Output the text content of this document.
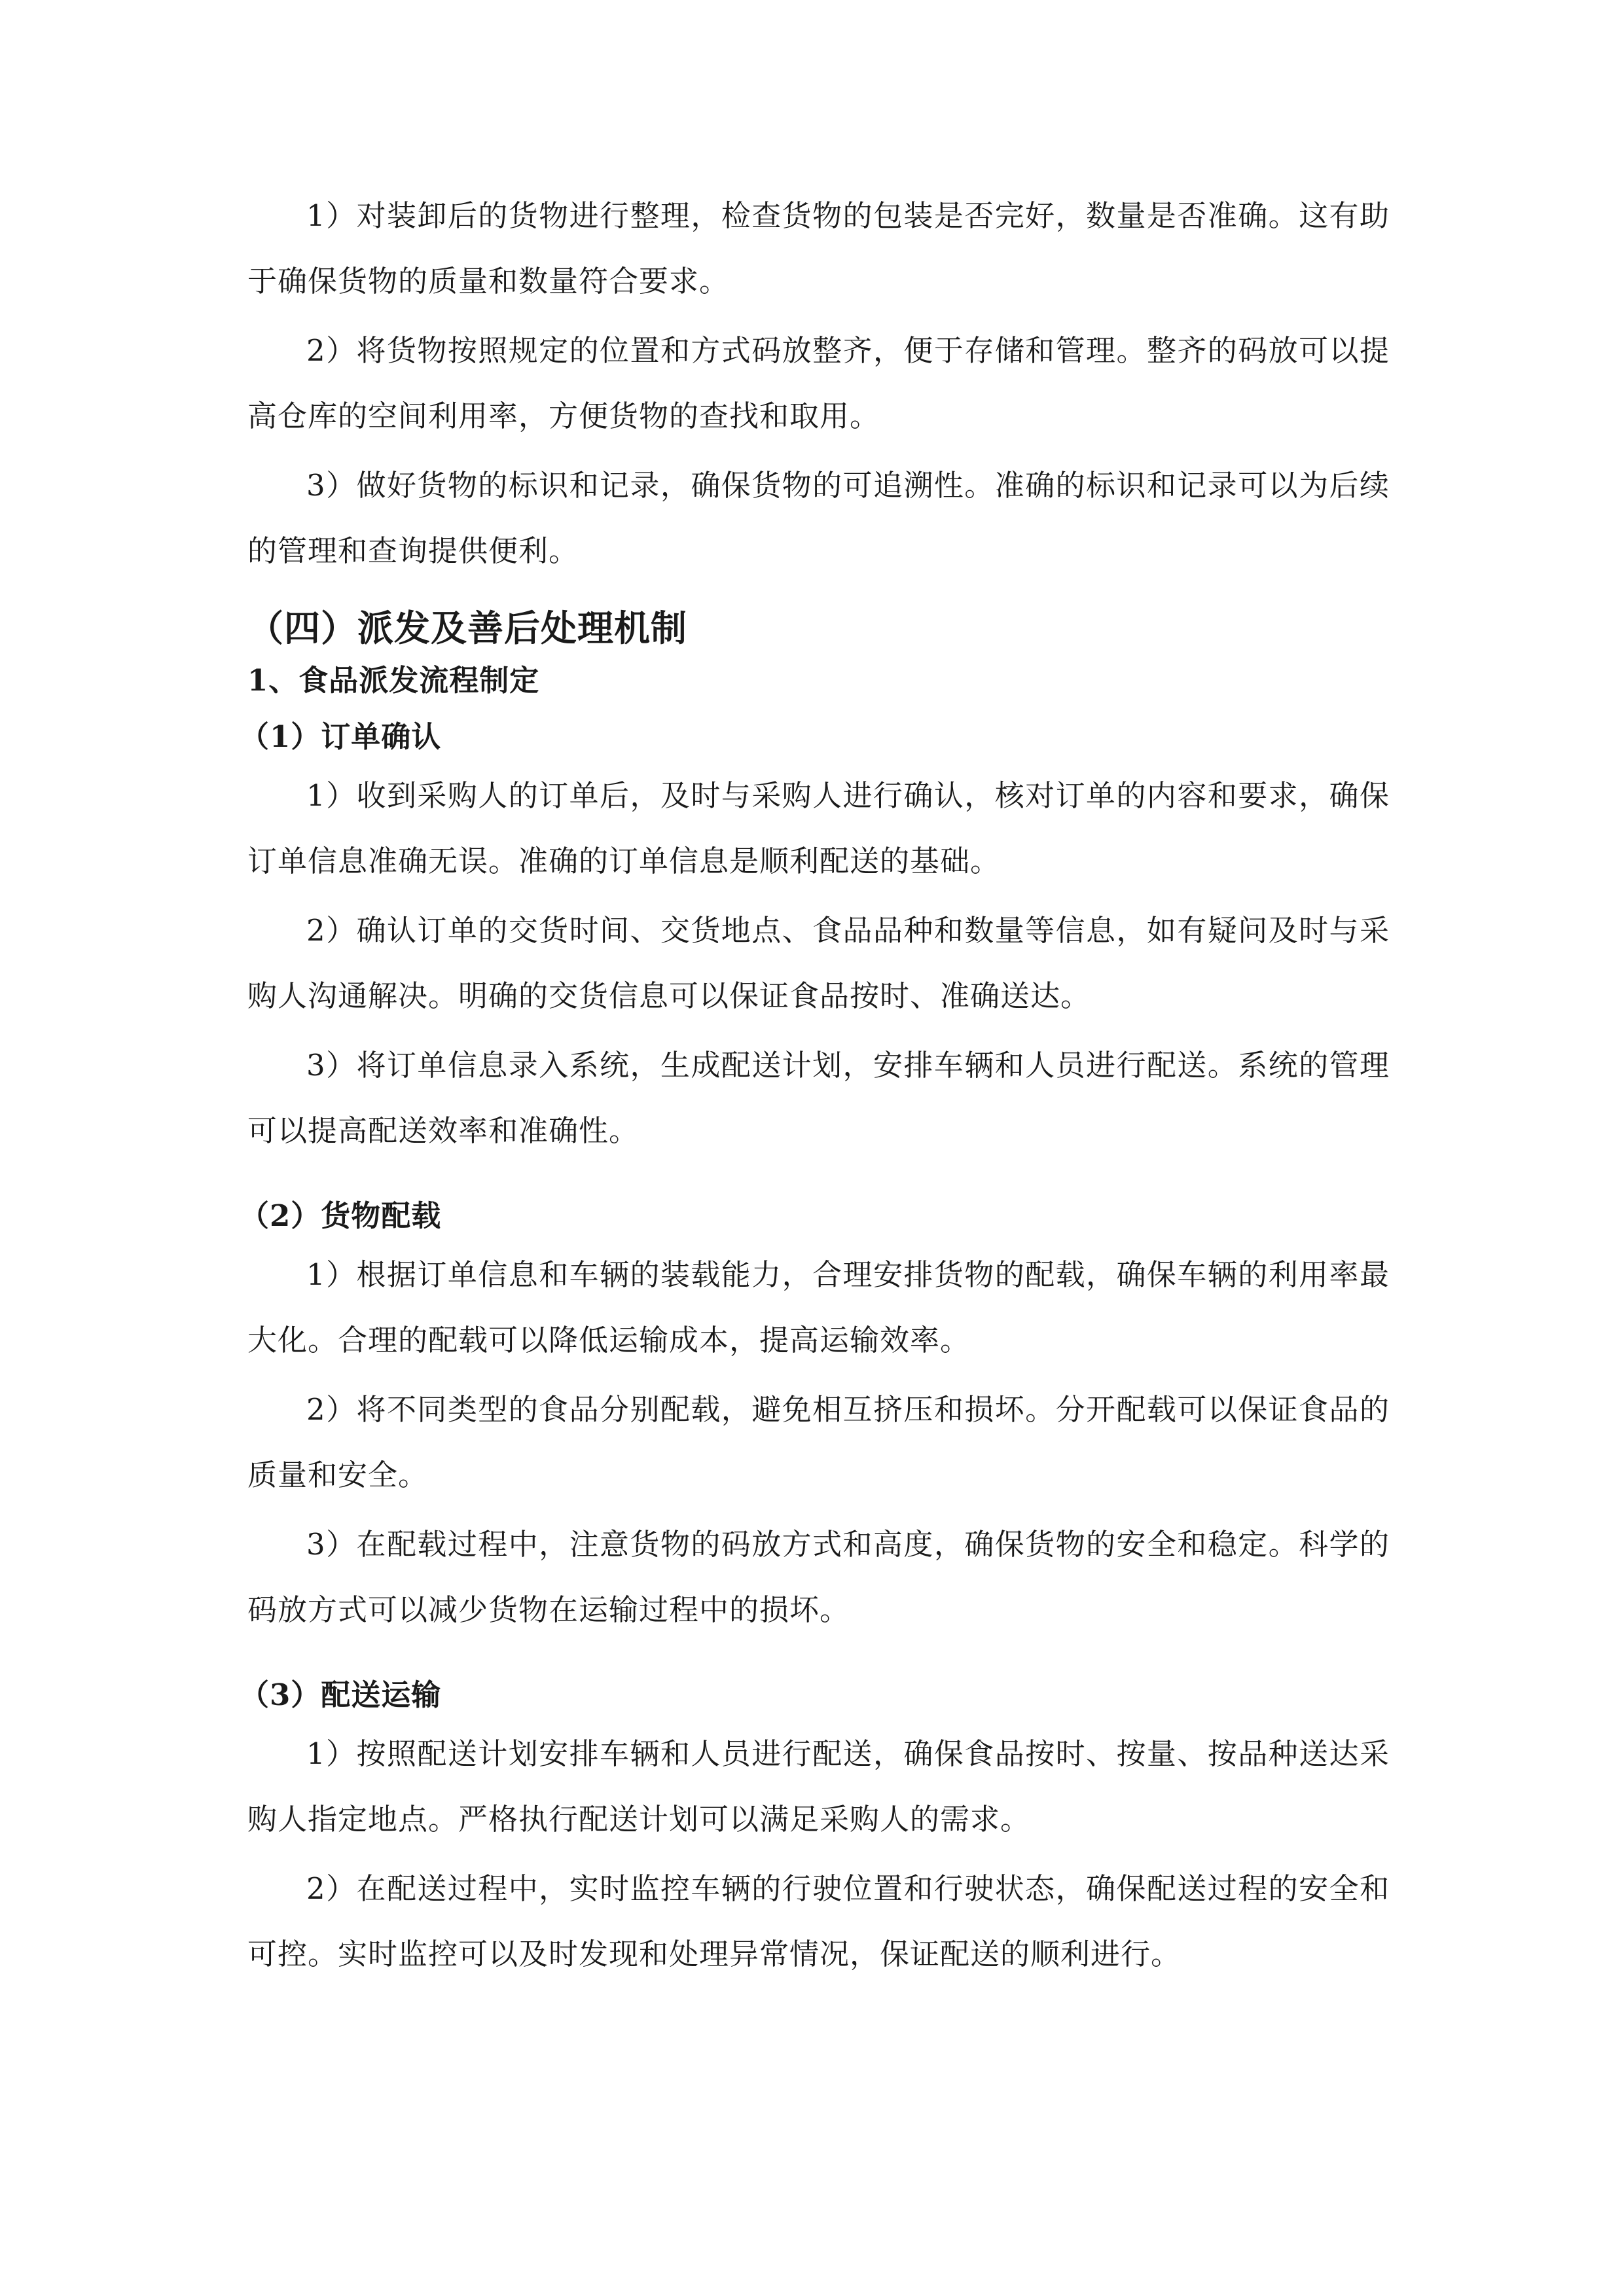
1）对装卸后的货物进行整理，检查货物的包装是否完好，数量是否准确。这有助于确保货物的质量和数量符合要求。

2）将货物按照规定的位置和方式码放整齐，便于存储和管理。整齐的码放可以提高仓库的空间利用率，方便货物的查找和取用。

3）做好货物的标识和记录，确保货物的可追溯性。准确的标识和记录可以为后续的管理和查询提供便利。

（四）派发及善后处理机制
1、食品派发流程制定
（1）订单确认

1）收到采购人的订单后，及时与采购人进行确认，核对订单的内容和要求，确保订单信息准确无误。准确的订单信息是顺利配送的基础。

2）确认订单的交货时间、交货地点、食品品种和数量等信息，如有疑问及时与采购人沟通解决。明确的交货信息可以保证食品按时、准确送达。

3）将订单信息录入系统，生成配送计划，安排车辆和人员进行配送。系统的管理可以提高配送效率和准确性。

（2）货物配载

1）根据订单信息和车辆的装载能力，合理安排货物的配载，确保车辆的利用率最大化。合理的配载可以降低运输成本，提高运输效率。

2）将不同类型的食品分别配载，避免相互挤压和损坏。分开配载可以保证食品的质量和安全。

3）在配载过程中，注意货物的码放方式和高度，确保货物的安全和稳定。科学的码放方式可以减少货物在运输过程中的损坏。

（3）配送运输

1）按照配送计划安排车辆和人员进行配送，确保食品按时、按量、按品种送达采购人指定地点。严格执行配送计划可以满足采购人的需求。

2）在配送过程中，实时监控车辆的行驶位置和行驶状态，确保配送过程的安全和可控。实时监控可以及时发现和处理异常情况，保证配送的顺利进行。
